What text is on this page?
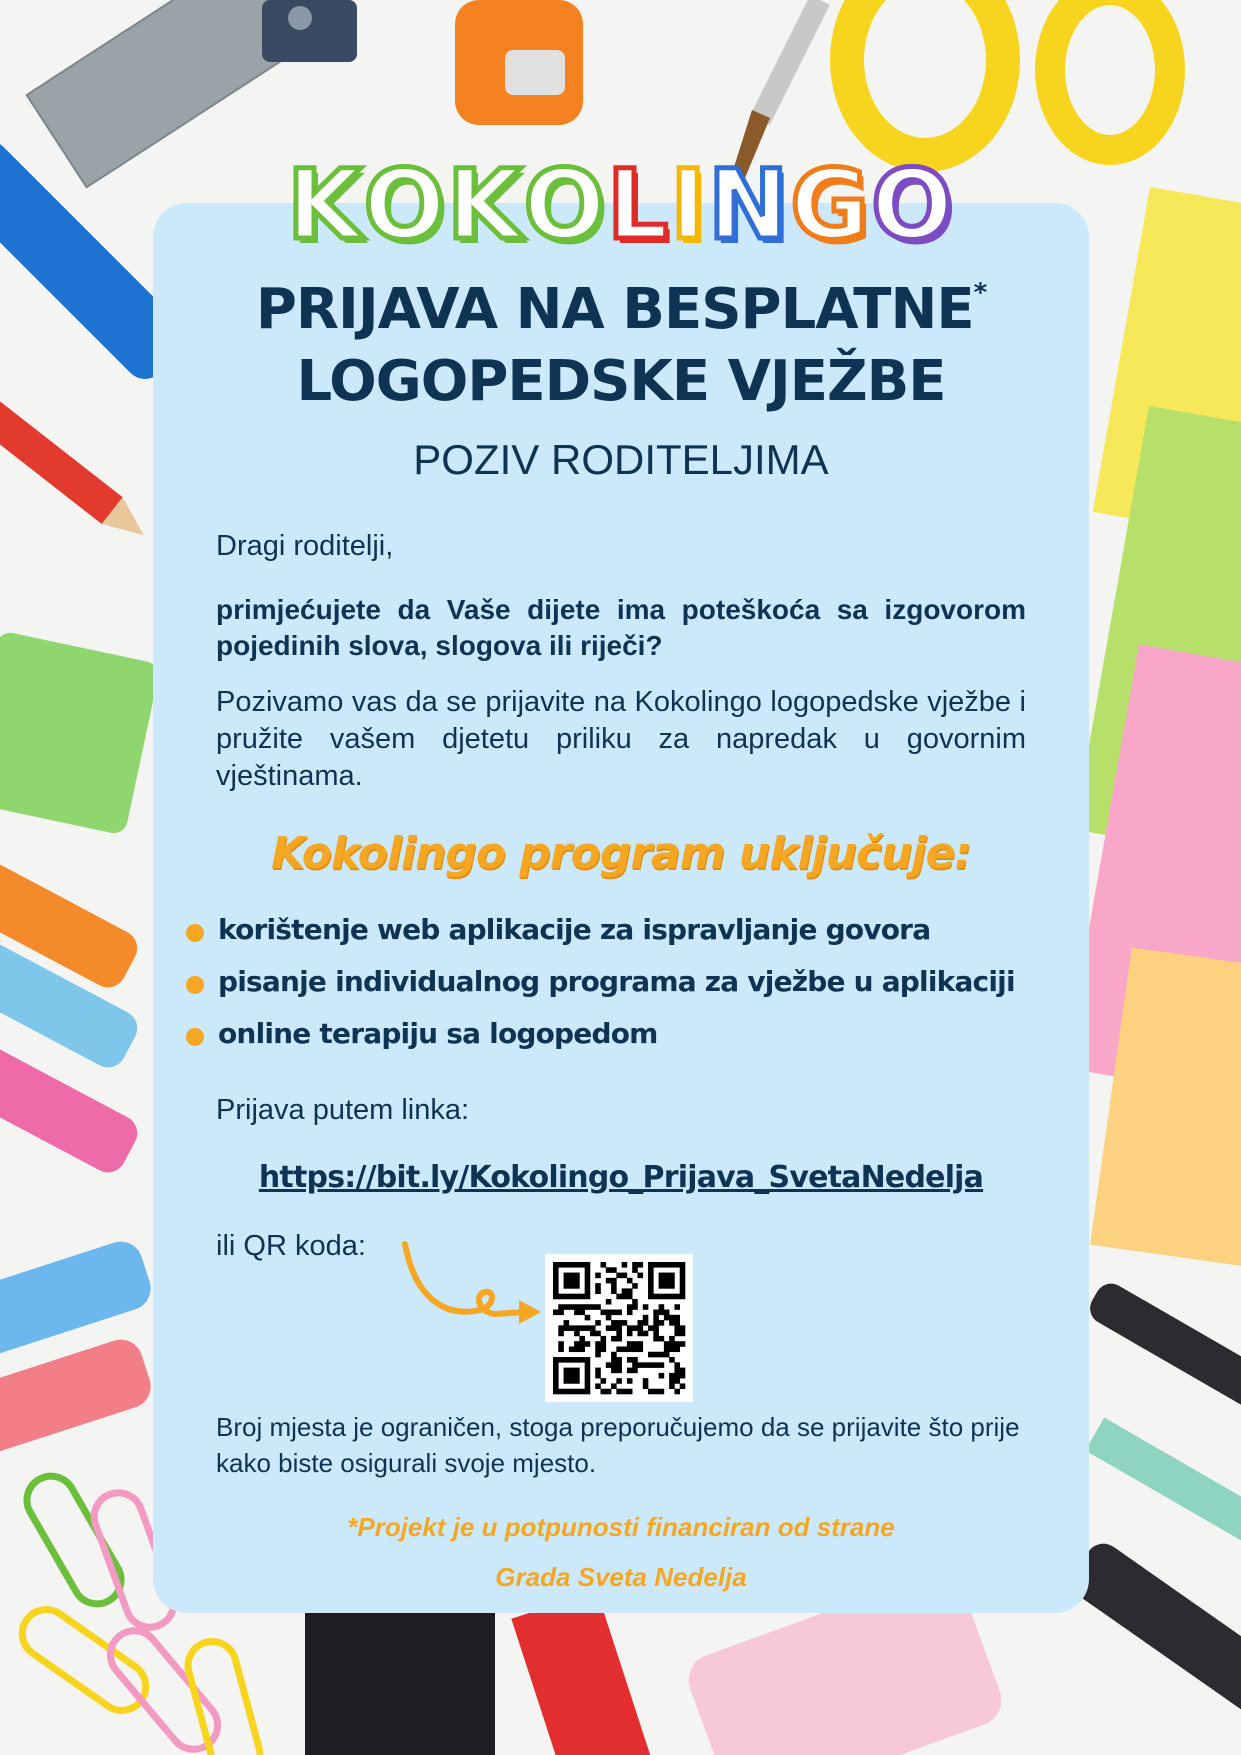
K O K O L I N G O
PRIJAVA NA BESPLATNE*
LOGOPEDSKE VJEŽBE
POZIV RODITELJIMA
Dragi roditelji,
primjećujete da Vaše dijete ima poteškoća sa izgovorom pojedinih slova, slogova ili riječi?
Pozivamo vas da se prijavite na Kokolingo logopedske vježbe i pružite vašem djetetu priliku za napredak u govornim vještinama.
Kokolingo program uključuje:
korištenje web aplikacije za ispravljanje govora
pisanje individualnog programa za vježbe u aplikaciji
online terapiju sa logopedom
Prijava putem linka:
https://bit.ly/Kokolingo_Prijava_SvetaNedelja
ili QR koda:
Broj mjesta je ograničen, stoga preporučujemo da se prijavite što prije kako biste osigurali svoje mjesto.
*Projekt je u potpunosti financiran od strane
Grada Sveta Nedelja
